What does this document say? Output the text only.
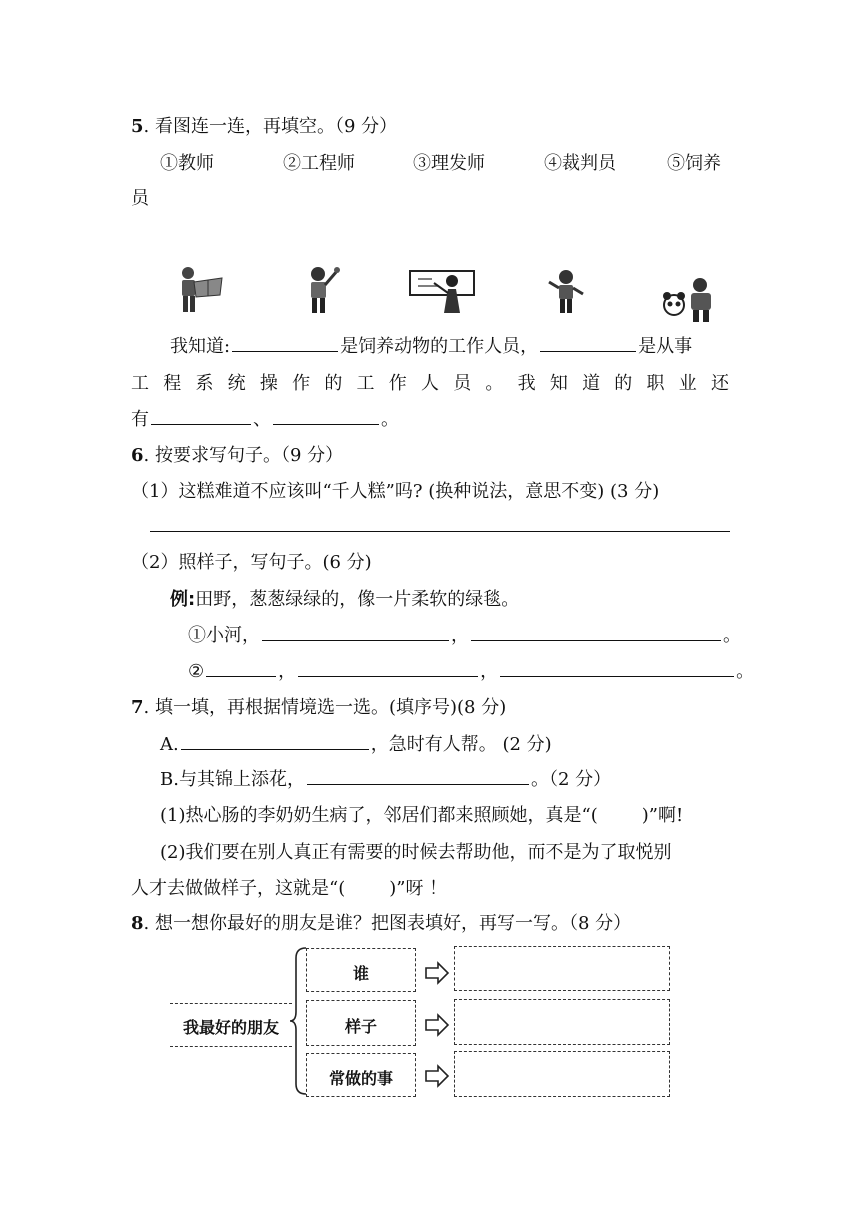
5. 看图连一连，再填空。（9 分）
①教师	②工程师	③理发师	④裁判员	⑤饲养
员
我知道:	是饲养动物的工作人员，	是从事
工 程 系 统 操 作 的 工 作 人 员 。 我 知 道 的 职 业 还
有	、	。
6. 按要求写句子。（9 分）
（1）这糕难道不应该叫“千人糕”吗? (换种说法，意思不变) (3 分)
（2）照样子，写句子。(6 分)
例:田野，葱葱绿绿的，像一片柔软的绿毯。
①小河，	，	。
②	，	，	。
7. 填一填，再根据情境选一选。(填序号)(8 分)
A.	，急时有人帮。 (2 分)
B.与其锦上添花，	。（2 分）
(1)热心肠的李奶奶生病了，邻居们都来照顾她，真是“( )”啊!
(2)我们要在别人真正有需要的时候去帮助他，而不是为了取悦别
人才去做做样子，这就是“( )”呀 ！
8. 想一想你最好的朋友是谁？把图表填好，再写一写。（8 分）
我最好的朋友
谁
样子
常做的事
